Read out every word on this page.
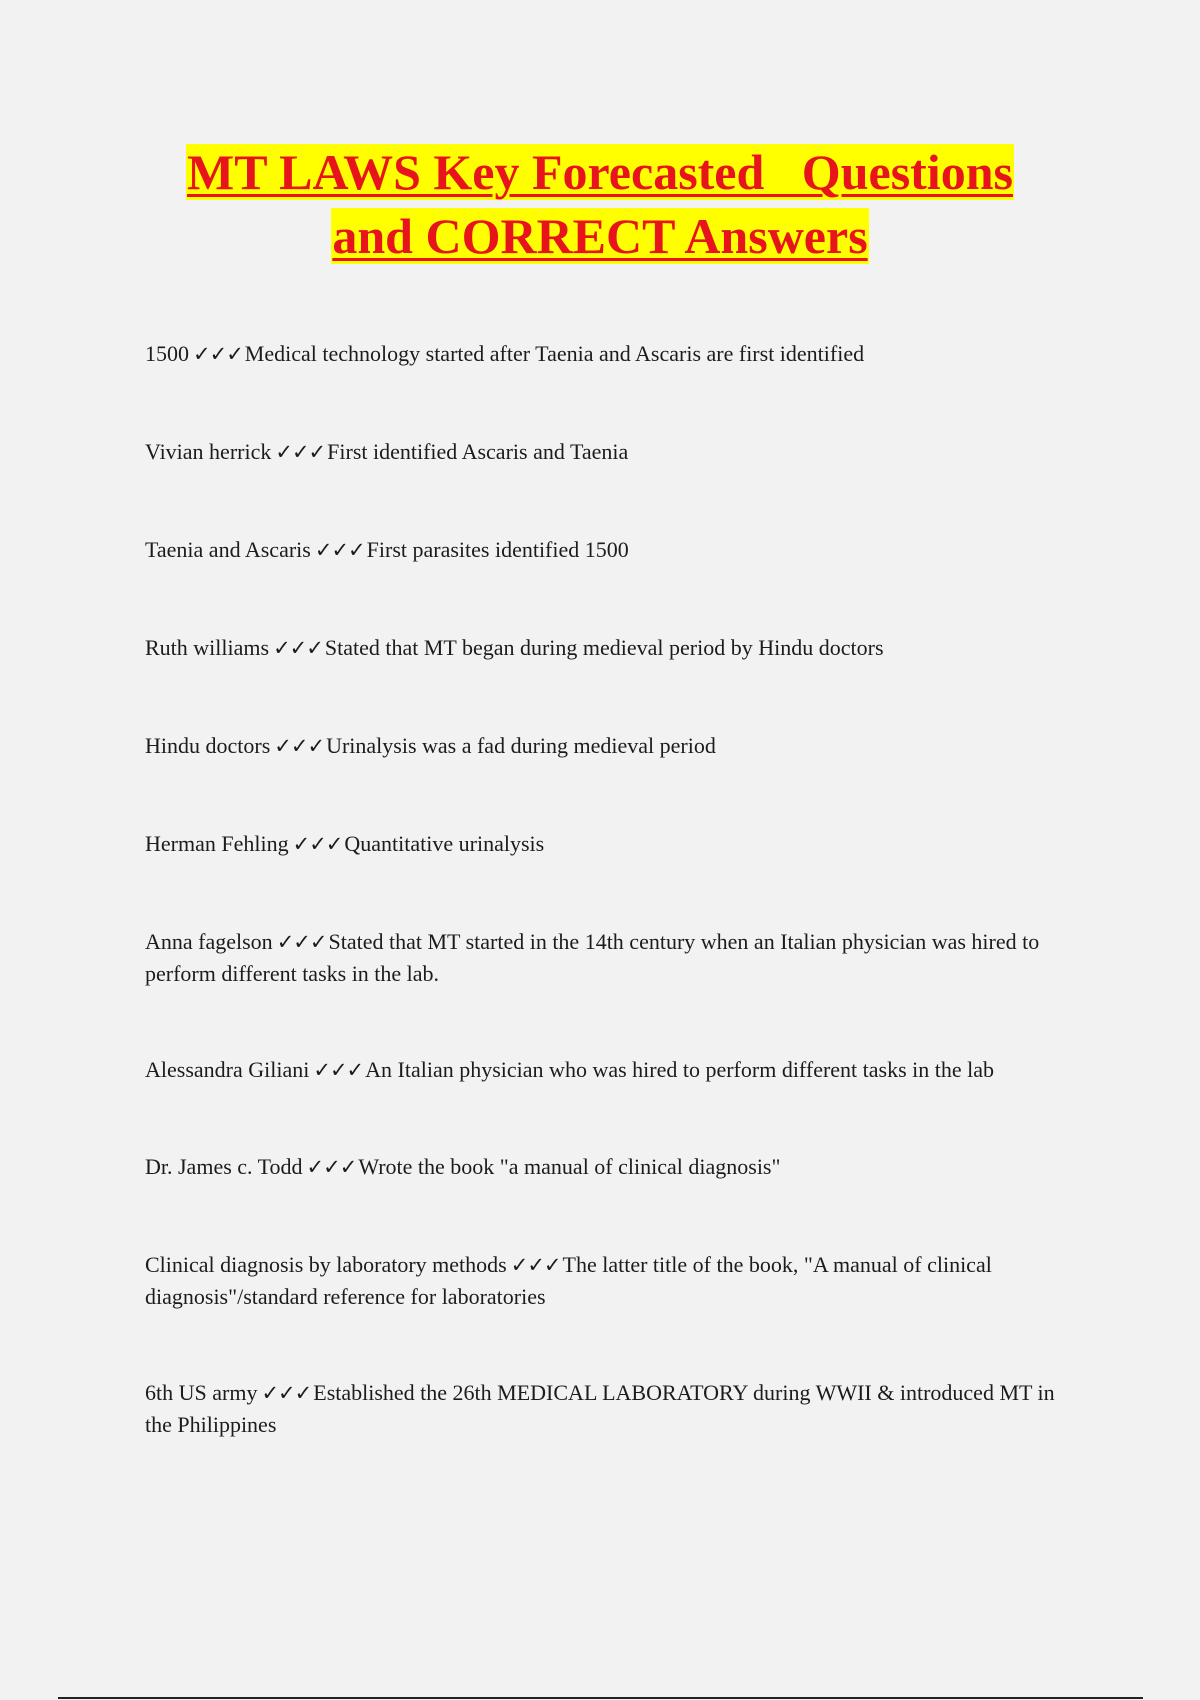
MT LAWS Key Forecasted   Questions
and CORRECT Answers

1500 ✓✓✓Medical technology started after Taenia and Ascaris are first identified

Vivian herrick ✓✓✓First identified Ascaris and Taenia

Taenia and Ascaris ✓✓✓First parasites identified 1500

Ruth williams ✓✓✓Stated that MT began during medieval period by Hindu doctors

Hindu doctors ✓✓✓Urinalysis was a fad during medieval period

Herman Fehling ✓✓✓Quantitative urinalysis

Anna fagelson ✓✓✓Stated that MT started in the 14th century when an Italian physician was hired to perform different tasks in the lab.

Alessandra Giliani ✓✓✓An Italian physician who was hired to perform different tasks in the lab

Dr. James c. Todd ✓✓✓Wrote the book "a manual of clinical diagnosis"

Clinical diagnosis by laboratory methods ✓✓✓The latter title of the book, "A manual of clinical diagnosis"/standard reference for laboratories

6th US army ✓✓✓Established the 26th MEDICAL LABORATORY during WWII & introduced MT in the Philippines
